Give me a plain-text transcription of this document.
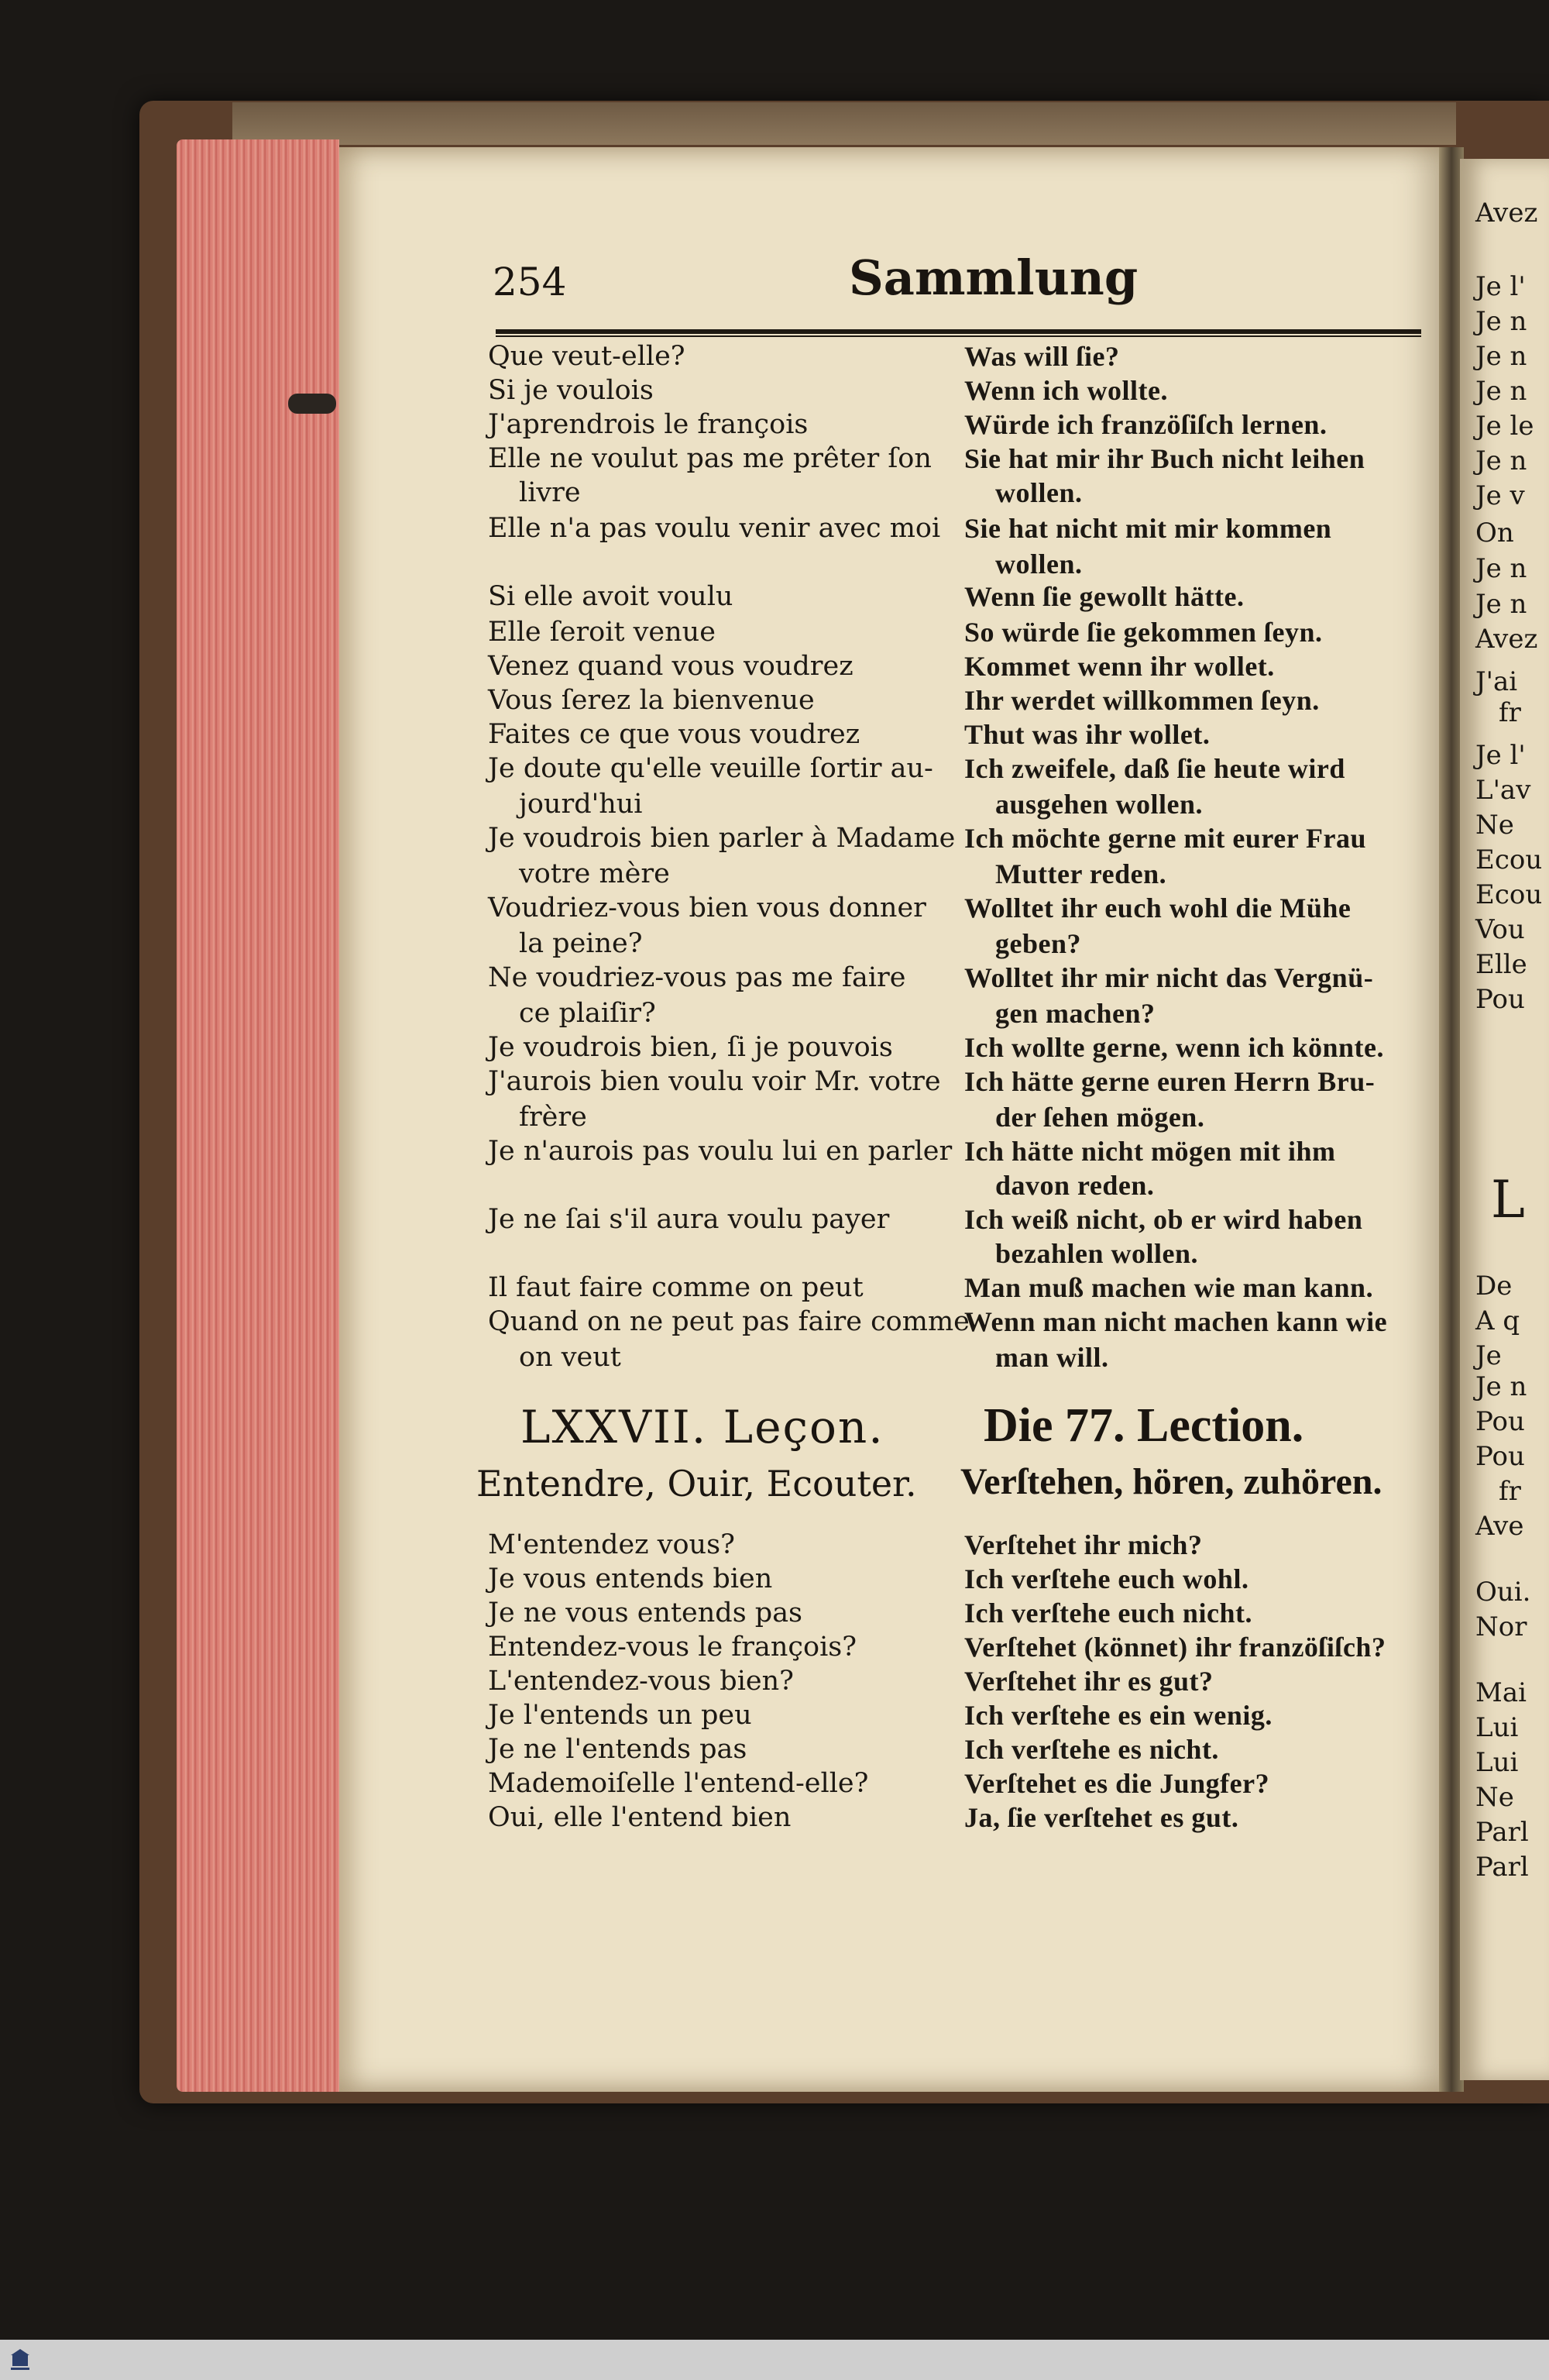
Avez
Je l'
Je n
Je n
Je n
Je le
Je n
Je v
On
Je n
Je n
Avez
J'ai
fr
Je l'
L'av
Ne
Ecou
Ecou
Vou
Elle
Pou
L
De
A q
Je
Je n
Pou
Pou
fr
Ave
Oui.
Nor
Mai
Lui
Lui
Ne
Parl
Parl
254	Sammlung
Que veut-elle?
Si je voulois
J'aprendrois le françois
Elle ne voulut pas me prêter ſon
livre
Elle n'a pas voulu venir avec moi
Si elle avoit voulu
Elle ſeroit venue
Venez quand vous voudrez
Vous ſerez la bienvenue
Faites ce que vous voudrez
Je doute qu'elle veuille ſortir au-
jourd'hui
Je voudrois bien parler à Madame
votre mère
Voudriez-vous bien vous donner
la peine?
Ne voudriez-vous pas me faire
ce plaiſir?
Je voudrois bien, ſi je pouvois
J'aurois bien voulu voir Mr. votre
frère
Je n'aurois pas voulu lui en parler
Je ne ſai s'il aura voulu payer
Il faut faire comme on peut
Quand on ne peut pas faire comme
on veut
Was will ſie?
Wenn ich wollte.
Würde ich franzöſiſch lernen.
Sie hat mir ihr Buch nicht leihen
wollen.
Sie hat nicht mit mir kommen
wollen.
Wenn ſie gewollt hätte.
So würde ſie gekommen ſeyn.
Kommet wenn ihr wollet.
Ihr werdet willkommen ſeyn.
Thut was ihr wollet.
Ich zweifele, daß ſie heute wird
ausgehen wollen.
Ich möchte gerne mit eurer Frau
Mutter reden.
Wolltet ihr euch wohl die Mühe
geben?
Wolltet ihr mir nicht das Vergnü-
gen machen?
Ich wollte gerne, wenn ich könnte.
Ich hätte gerne euren Herrn Bru-
der ſehen mögen.
Ich hätte nicht mögen mit ihm
davon reden.
Ich weiß nicht, ob er wird haben
bezahlen wollen.
Man muß machen wie man kann.
Wenn man nicht machen kann wie
man will.
LXXVII. Leçon. Die 77. Lection.
Entendre, Ouir, Ecouter. Verſtehen, hören, zuhören.
M'entendez vous?
Je vous entends bien
Je ne vous entends pas
Entendez-vous le françois?
L'entendez-vous bien?
Je l'entends un peu
Je ne l'entends pas
Mademoiſelle l'entend-elle?
Oui, elle l'entend bien
Verſtehet ihr mich?
Ich verſtehe euch wohl.
Ich verſtehe euch nicht.
Verſtehet (könnet) ihr franzöſiſch?
Verſtehet ihr es gut?
Ich verſtehe es ein wenig.
Ich verſtehe es nicht.
Verſtehet es die Jungfer?
Ja, ſie verſtehet es gut.
